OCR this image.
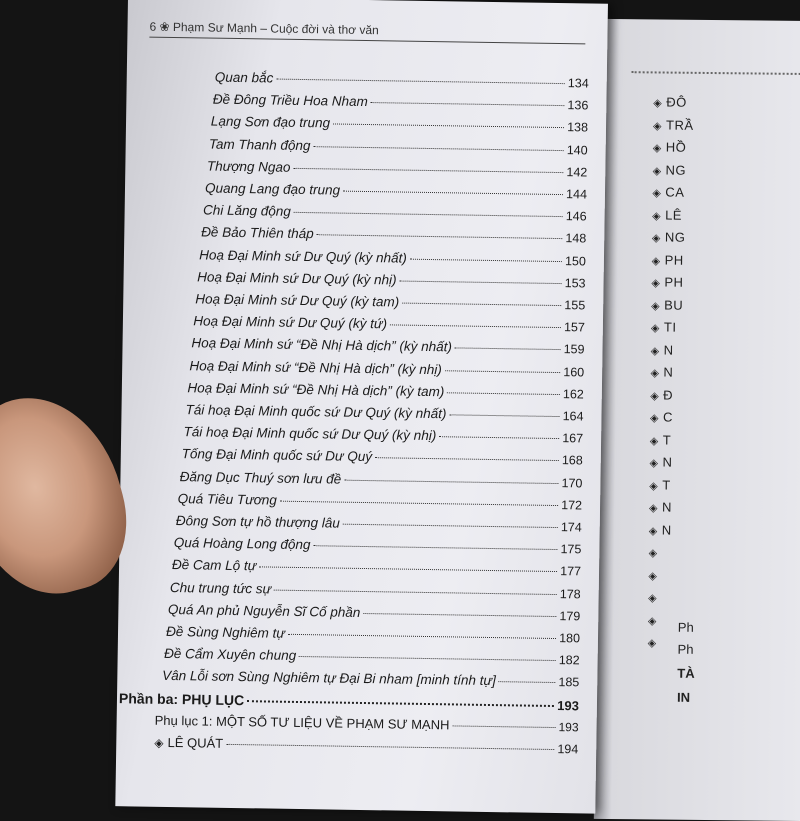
◈ ĐÔ
◈ TRẦ
◈ HỒ
◈ NG
◈ CA
◈ LÊ
◈ NG
◈ PH
◈ PH
◈ BU
◈ TI
◈ N
◈ N
◈ Đ
◈ C
◈ T
◈ N
◈ T
◈ N
◈ N
◈
◈
◈
◈
◈
Ph
Ph
TÀ
IN
6 ❀ Phạm Sư Mạnh – Cuộc đời và thơ văn
Quan bắc	134
Đề Đông Triều Hoa Nham	136
Lạng Sơn đạo trung	138
Tam Thanh động	140
Thượng Ngao	142
Quang Lang đạo trung	144
Chi Lăng động	146
Đề Bảo Thiên tháp	148
Hoạ Đại Minh sứ Dư Quý (kỳ nhất)	150
Hoạ Đại Minh sứ Dư Quý (kỳ nhị)	153
Hoạ Đại Minh sứ Dư Quý (kỳ tam)	155
Hoạ Đại Minh sứ Dư Quý (kỳ tứ)	157
Hoạ Đại Minh sứ “Đề Nhị Hà dịch” (kỳ nhất)	159
Hoạ Đại Minh sứ “Đề Nhị Hà dịch” (kỳ nhị)	160
Hoạ Đại Minh sứ “Đề Nhị Hà dịch” (kỳ tam)	162
Tái hoạ Đại Minh quốc sứ Dư Quý (kỳ nhất)	164
Tái hoạ Đại Minh quốc sứ Dư Quý (kỳ nhị)	167
Tống Đại Minh quốc sứ Dư Quý	168
Đăng Dục Thuý sơn lưu đề	170
Quá Tiêu Tương	172
Đông Sơn tự hồ thượng lâu	174
Quá Hoàng Long động	175
Đề Cam Lộ tự	177
Chu trung tức sự	178
Quá An phủ Nguyễn Sĩ Cố phần	179
Đề Sùng Nghiêm tự	180
Đề Cẩm Xuyên chung	182
Vân Lỗi sơn Sùng Nghiêm tự Đại Bi nham [minh tính tự]	185
Phần ba: PHỤ LỤC	193
Phụ lục 1: MỘT SỐ TƯ LIỆU VỀ PHẠM SƯ MẠNH	193
◈ LÊ QUÁT	194
